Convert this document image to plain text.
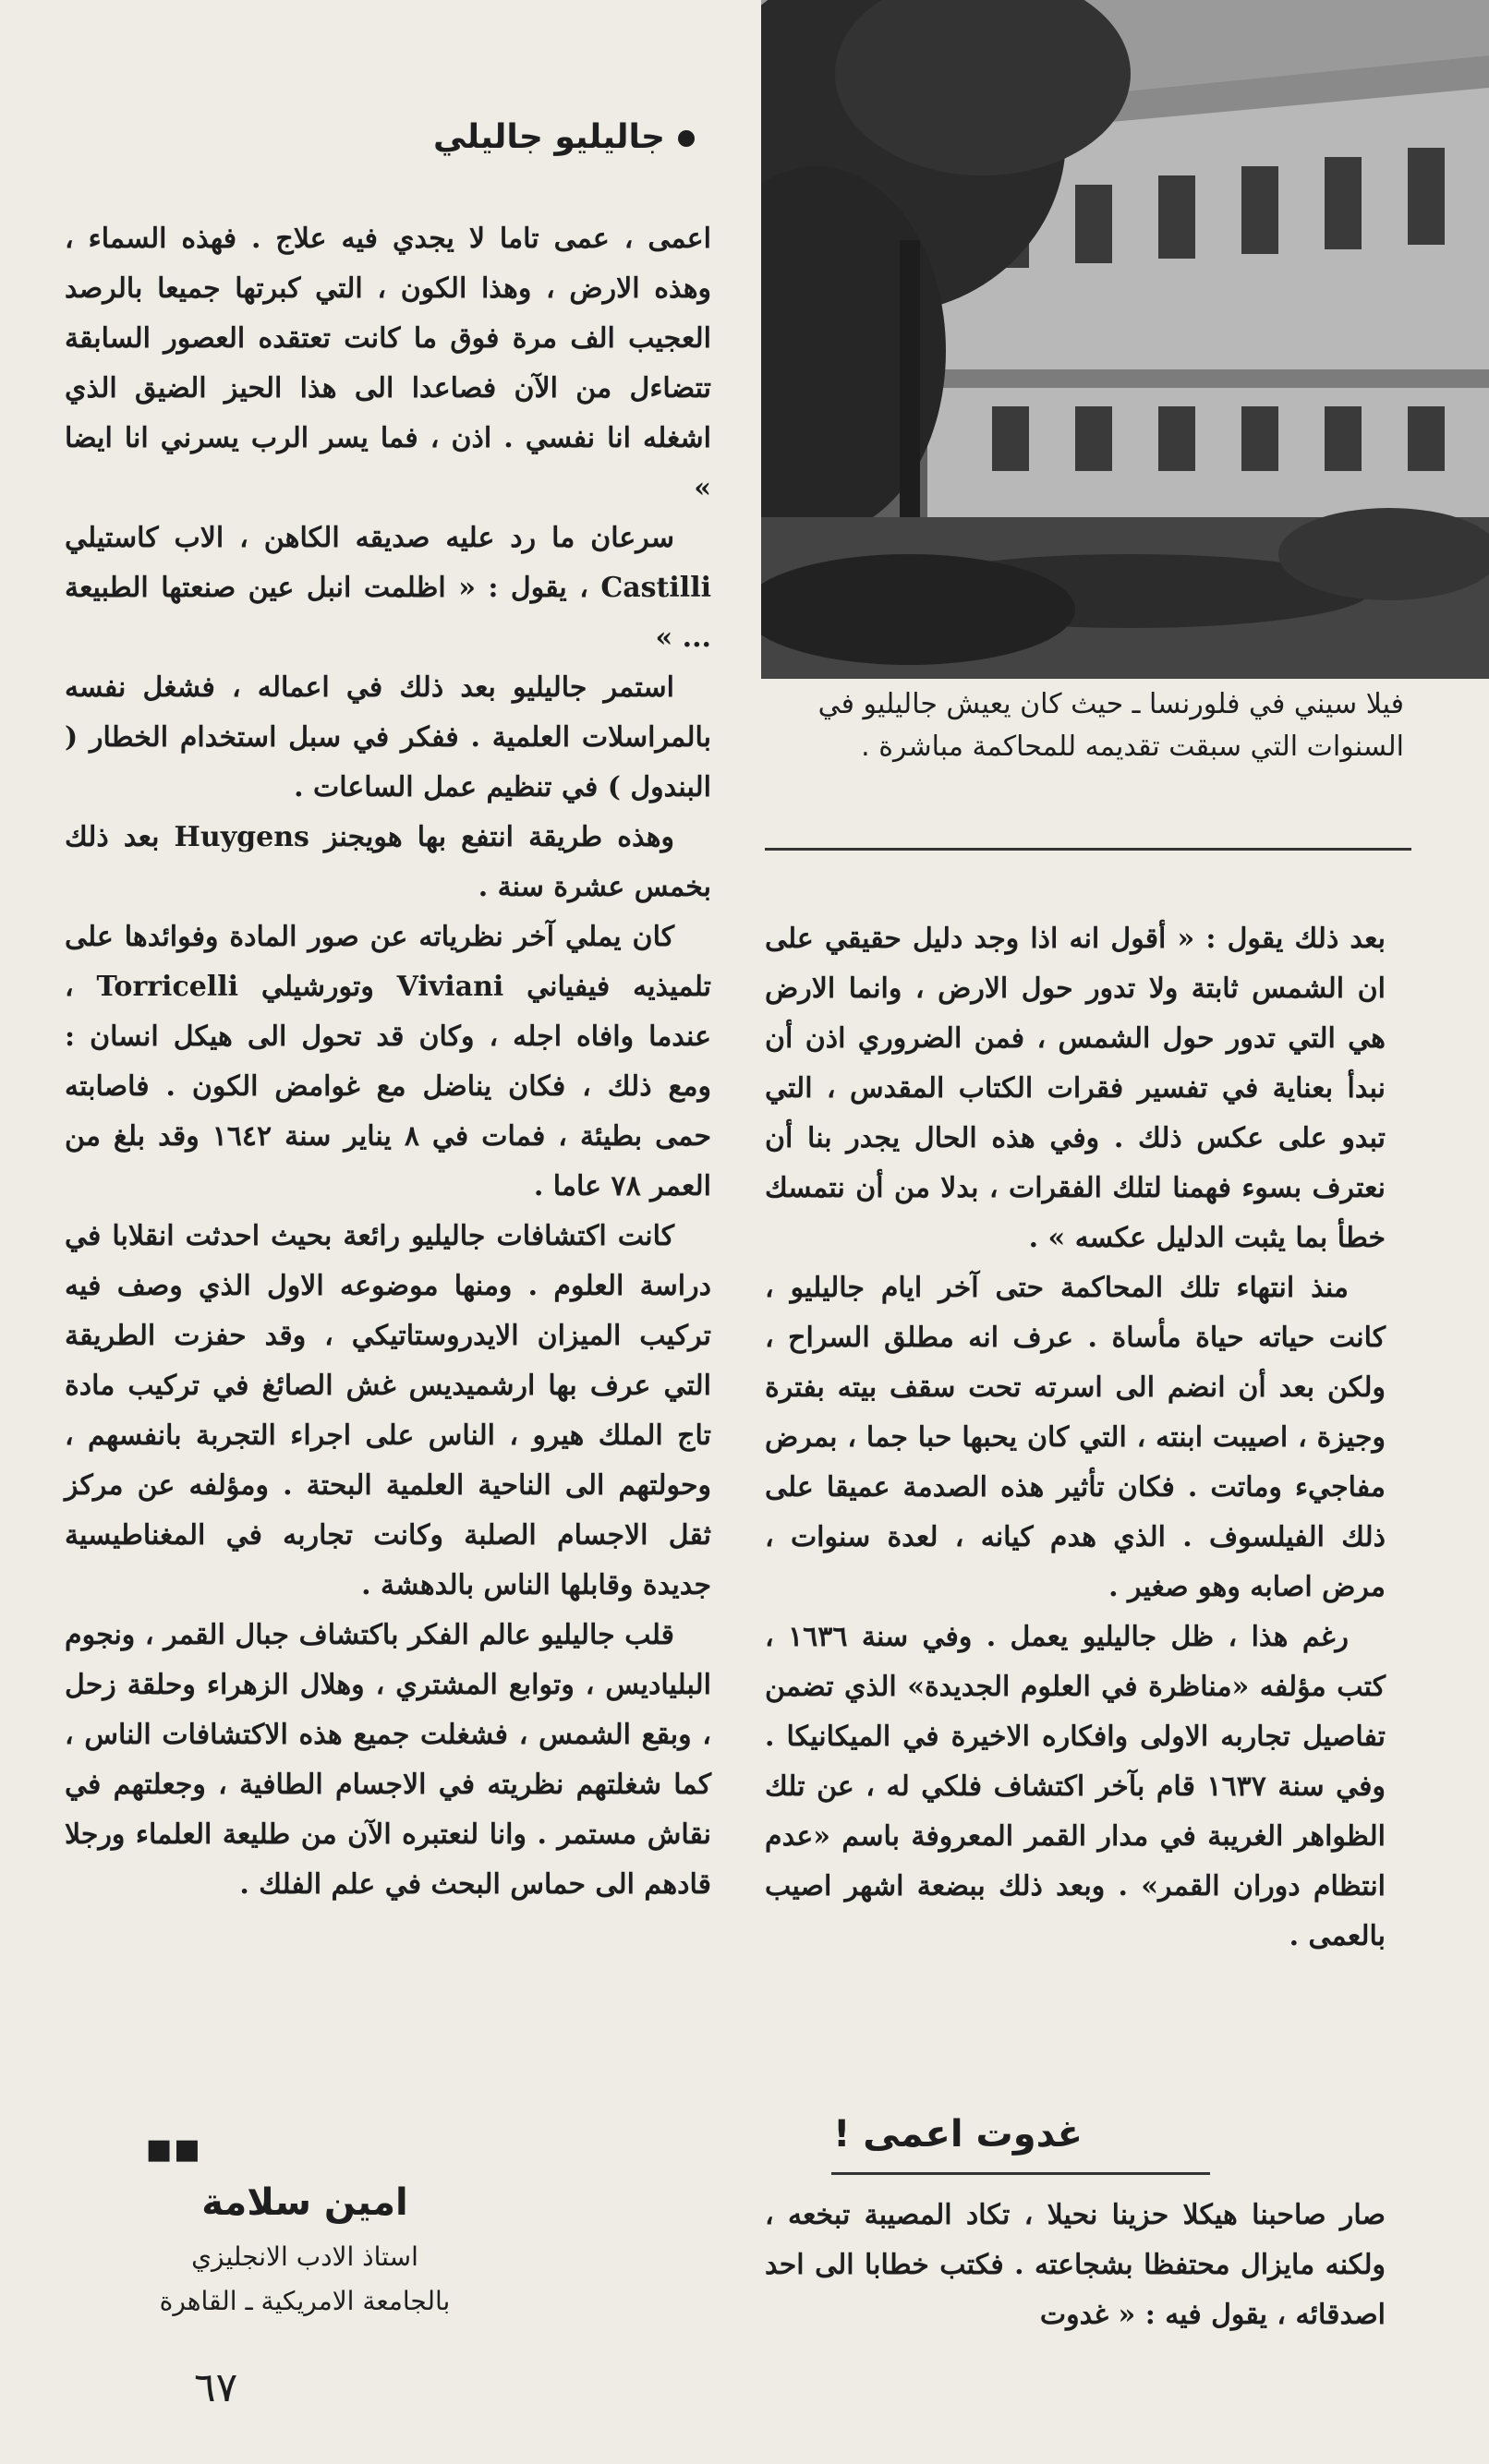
فيلا سيني في فلورنسا ـ حيث كان يعيش جاليليو في السنوات التي سبقت تقديمه للمحاكمة مباشرة .
جاليليو جاليلي

اعمى ، عمى تاما لا يجدي فيه علاج . فهذه السماء ، وهذه الارض ، وهذا الكون ، التي كبرتها جميعا بالرصد العجيب الف مرة فوق ما كانت تعتقده العصور السابقة تتضاءل من الآن فصاعدا الى هذا الحيز الضيق الذي اشغله انا نفسي . اذن ، فما يسر الرب يسرني انا ايضا »

سرعان ما رد عليه صديقه الكاهن ، الاب كاستيلي Castilli ، يقول : « اظلمت انبل عين صنعتها الطبيعة ... »

استمر جاليليو بعد ذلك في اعماله ، فشغل نفسه بالمراسلات العلمية . ففكر في سبل استخدام الخطار ( البندول ) في تنظيم عمل الساعات .

وهذه طريقة انتفع بها هويجنز Huygens بعد ذلك بخمس عشرة سنة .

كان يملي آخر نظرياته عن صور المادة وفوائدها على تلميذيه فيفياني Viviani وتورشيلي Torricelli ، عندما وافاه اجله ، وكان قد تحول الى هيكل انسان : ومع ذلك ، فكان يناضل مع غوامض الكون . فاصابته حمى بطيئة ، فمات في ٨ يناير سنة ١٦٤٢ وقد بلغ من العمر ٧٨ عاما .

كانت اكتشافات جاليليو رائعة بحيث احدثت انقلابا في دراسة العلوم . ومنها موضوعه الاول الذي وصف فيه تركيب الميزان الايدروستاتيكي ، وقد حفزت الطريقة التي عرف بها ارشميديس غش الصائغ في تركيب مادة تاج الملك هيرو ، الناس على اجراء التجربة بانفسهم ، وحولتهم الى الناحية العلمية البحتة . ومؤلفه عن مركز ثقل الاجسام الصلبة وكانت تجاربه في المغناطيسية جديدة وقابلها الناس بالدهشة .

قلب جاليليو عالم الفكر باكتشاف جبال القمر ، ونجوم البلياديس ، وتوابع المشتري ، وهلال الزهراء وحلقة زحل ، وبقع الشمس ، فشغلت جميع هذه الاكتشافات الناس ، كما شغلتهم نظريته في الاجسام الطافية ، وجعلتهم في نقاش مستمر . وانا لنعتبره الآن من طليعة العلماء ورجلا قادهم الى حماس البحث في علم الفلك .

بعد ذلك يقول : « أقول انه اذا وجد دليل حقيقي على ان الشمس ثابتة ولا تدور حول الارض ، وانما الارض هي التي تدور حول الشمس ، فمن الضروري اذن أن نبدأ بعناية في تفسير فقرات الكتاب المقدس ، التي تبدو على عكس ذلك . وفي هذه الحال يجدر بنا أن نعترف بسوء فهمنا لتلك الفقرات ، بدلا من أن نتمسك خطأ بما يثبت الدليل عكسه » .

منذ انتهاء تلك المحاكمة حتى آخر ايام جاليليو ، كانت حياته حياة مأساة . عرف انه مطلق السراح ، ولكن بعد أن انضم الى اسرته تحت سقف بيته بفترة وجيزة ، اصيبت ابنته ، التي كان يحبها حبا جما ، بمرض مفاجيء وماتت . فكان تأثير هذه الصدمة عميقا على ذلك الفيلسوف . الذي هدم كيانه ، لعدة سنوات ، مرض اصابه وهو صغير .

رغم هذا ، ظل جاليليو يعمل . وفي سنة ١٦٣٦ ، كتب مؤلفه «مناظرة في العلوم الجديدة» الذي تضمن تفاصيل تجاربه الاولى وافكاره الاخيرة في الميكانيكا . وفي سنة ١٦٣٧ قام بآخر اكتشاف فلكي له ، عن تلك الظواهر الغريبة في مدار القمر المعروفة باسم «عدم انتظام دوران القمر» . وبعد ذلك ببضعة اشهر اصيب بالعمى .

غدوت اعمى !

صار صاحبنا هيكلا حزينا نحيلا ، تكاد المصيبة تبخعه ، ولكنه مايزال محتفظا بشجاعته . فكتب خطابا الى احد اصدقائه ، يقول فيه : « غدوت

■■
امين سلامة
استاذ الادب الانجليزي
بالجامعة الامريكية ـ القاهرة
٦٧
